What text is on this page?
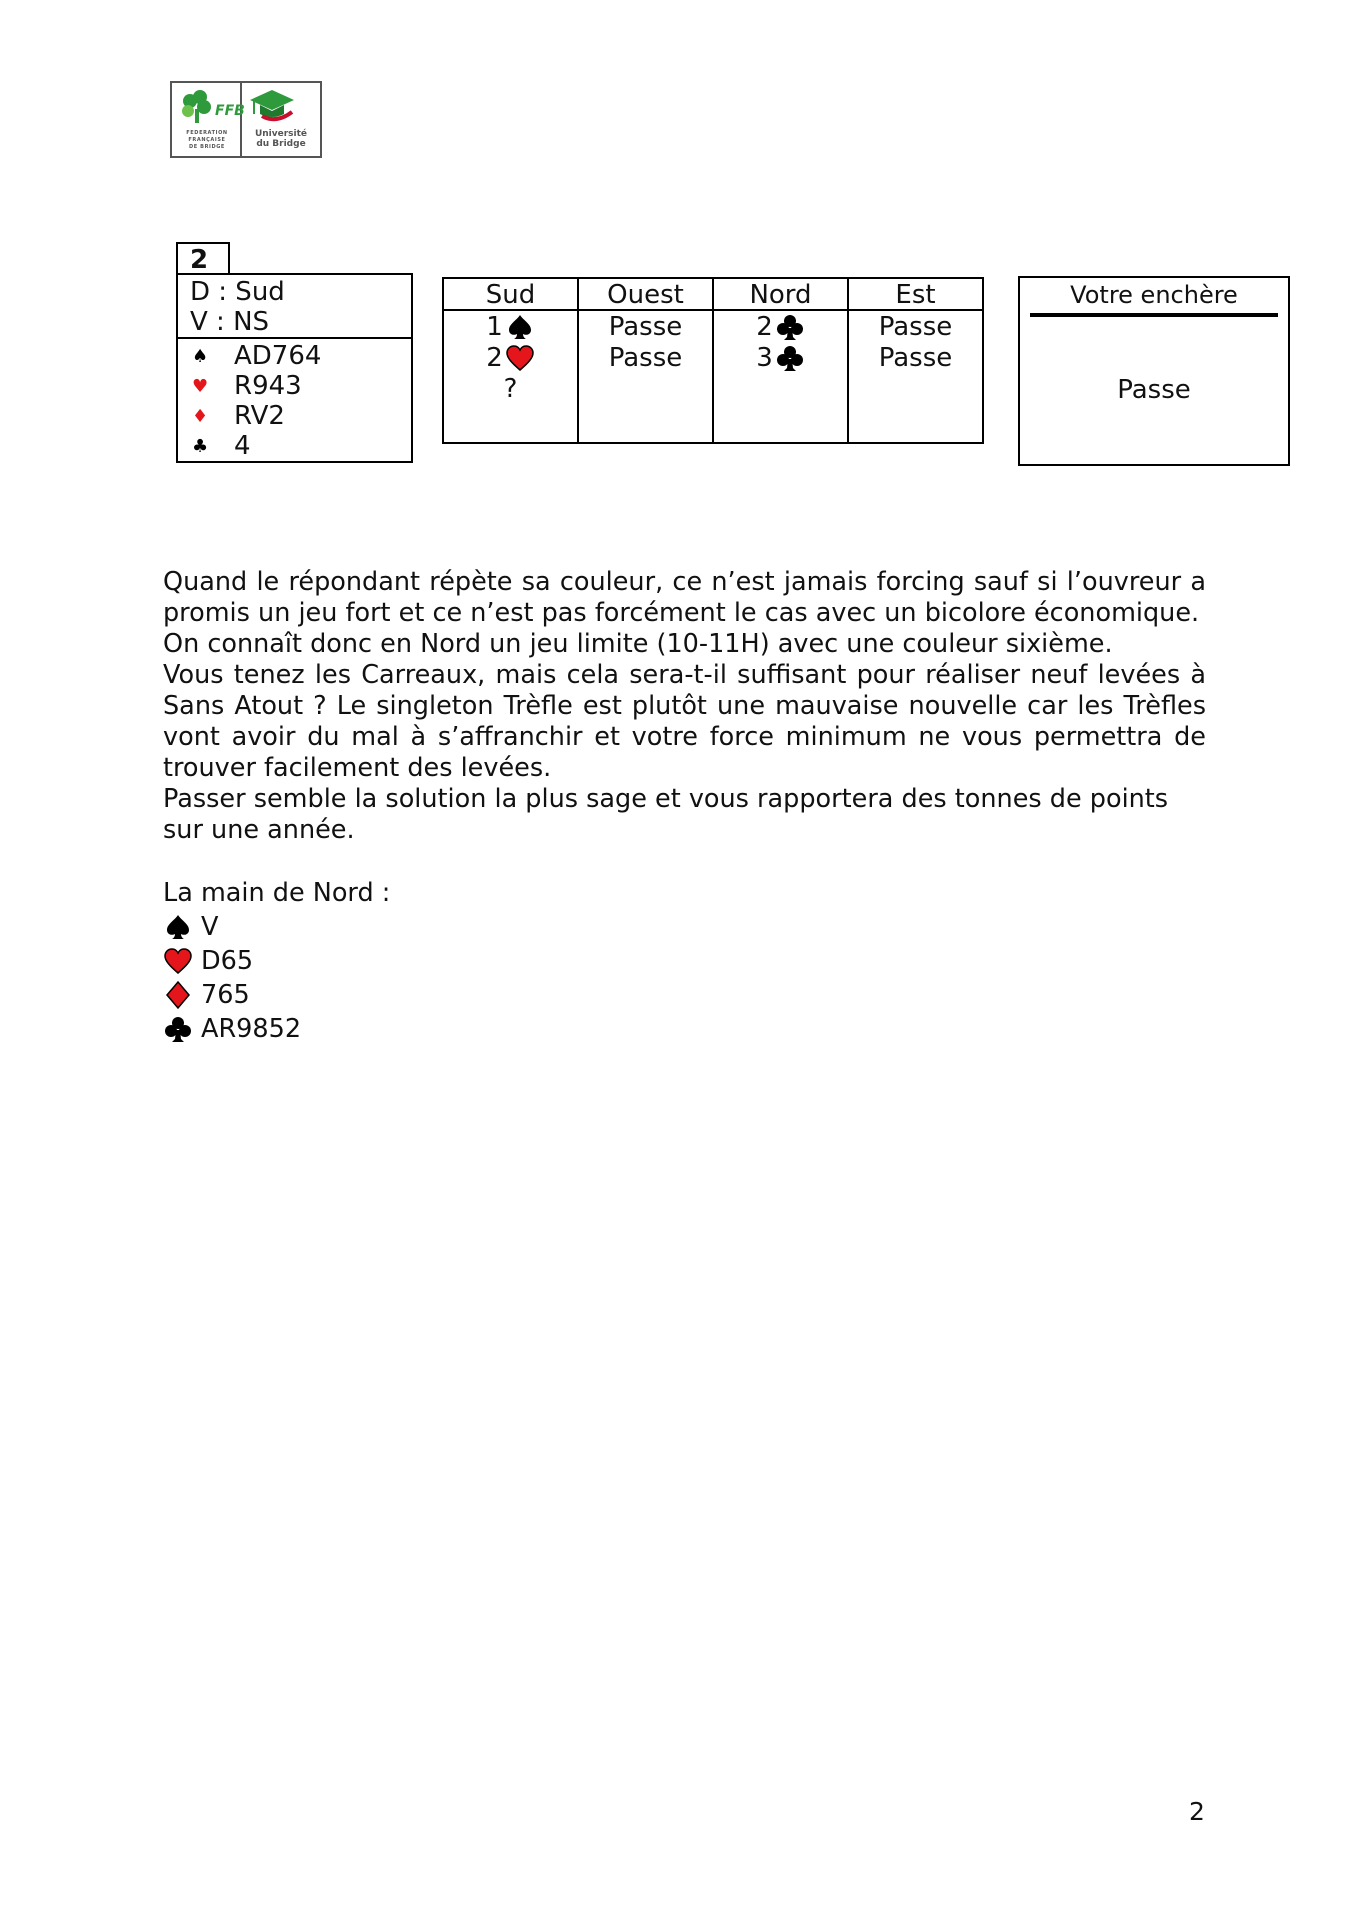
FFB
FEDERATION
FRANÇAISE
DE BRIDGE
Université
du Bridge
2
D : Sud
V : NS
♠ AD764
♥ R943
♦ RV2
♣ 4
Sud
1
2
?
Ouest
Passe
Passe
Nord
2
3
Est
Passe
Passe
Votre enchère
Passe

Quand le répondant répète sa couleur, ce n’est jamais forcing sauf si l’ouvreur a promis un jeu fort et ce n’est pas forcément le cas avec un bicolore économique.

On connaît donc en Nord un jeu limite (10-11H) avec une couleur sixième.

Vous tenez les Carreaux, mais cela sera-t-il suffisant pour réaliser neuf levées à Sans Atout ? Le singleton Trèfle est plutôt une mauvaise nouvelle car les Trèfles vont avoir du mal à s’affranchir et votre force minimum ne vous permettra de trouver facilement des levées.

Passer semble la solution la plus sage et vous rapportera des tonnes de points sur une année.

La main de Nord :
V
D65
765
AR9852
2
